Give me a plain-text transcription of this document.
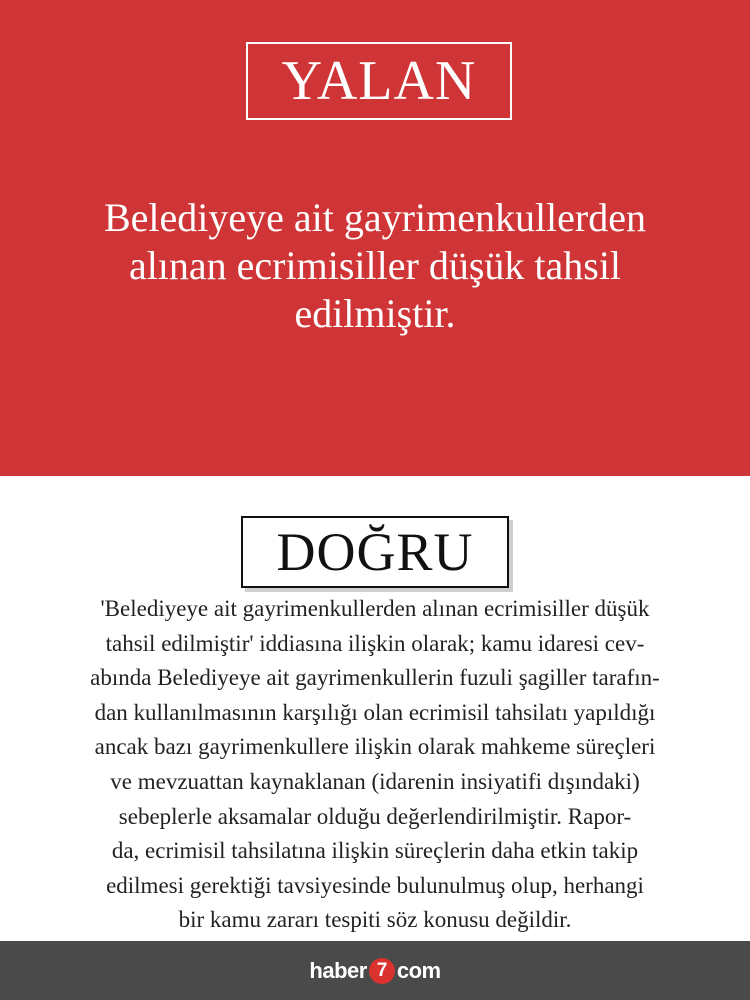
YALAN
Belediyeye ait gayrimenkullerden
alınan ecrimisiller düşük tahsil
edilmiştir.
DOĞRU
'Belediyeye ait gayrimenkullerden alınan ecrimisiller düşük
tahsil edilmiştir' iddiasına ilişkin olarak; kamu idaresi cev-
abında Belediyeye ait gayrimenkullerin fuzuli şagiller tarafın-
dan kullanılmasının karşılığı olan ecrimisil tahsilatı yapıldığı
ancak bazı gayrimenkullere ilişkin olarak mahkeme süreçleri
ve mevzuattan kaynaklanan (idarenin insiyatifi dışındaki)
sebeplerle aksamalar olduğu değerlendirilmiştir. Rapor-
da, ecrimisil tahsilatına ilişkin süreçlerin daha etkin takip
edilmesi gerektiği tavsiyesinde bulunulmuş olup, herhangi
bir kamu zararı tespiti söz konusu değildir.
haber 7 com
